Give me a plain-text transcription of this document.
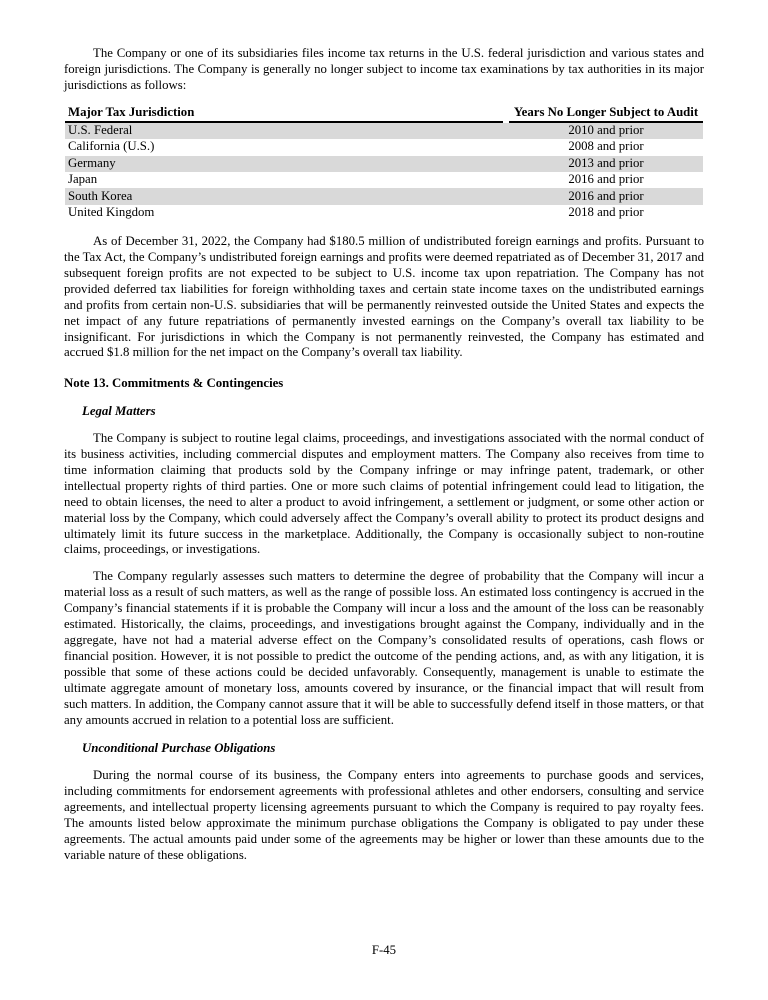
The Company or one of its subsidiaries files income tax returns in the U.S. federal jurisdiction and various states and foreign jurisdictions. The Company is generally no longer subject to income tax examinations by tax authorities in its major jurisdictions as follows:

Major Tax Jurisdiction	Years No Longer Subject to Audit
U.S. Federal	2010 and prior
California (U.S.)	2008 and prior
Germany	2013 and prior
Japan	2016 and prior
South Korea	2016 and prior
United Kingdom	2018 and prior

As of December 31, 2022, the Company had $180.5 million of undistributed foreign earnings and profits. Pursuant to the Tax Act, the Company’s undistributed foreign earnings and profits were deemed repatriated as of December 31, 2017 and subsequent foreign profits are not expected to be subject to U.S. income tax upon repatriation. The Company has not provided deferred tax liabilities for foreign withholding taxes and certain state income taxes on the undistributed earnings and profits from certain non-U.S. subsidiaries that will be permanently reinvested outside the United States and expects the net impact of any future repatriations of permanently invested earnings on the Company’s overall tax liability to be insignificant. For jurisdictions in which the Company is not permanently reinvested, the Company has estimated and accrued $1.8 million for the net impact on the Company’s overall tax liability.

Note 13. Commitments & Contingencies
Legal Matters

The Company is subject to routine legal claims, proceedings, and investigations associated with the normal conduct of its business activities, including commercial disputes and employment matters. The Company also receives from time to time information claiming that products sold by the Company infringe or may infringe patent, trademark, or other intellectual property rights of third parties. One or more such claims of potential infringement could lead to litigation, the need to obtain licenses, the need to alter a product to avoid infringement, a settlement or judgment, or some other action or material loss by the Company, which could adversely affect the Company’s overall ability to protect its product designs and ultimately limit its future success in the marketplace. Additionally, the Company is occasionally subject to non-routine claims, proceedings, or investigations.

The Company regularly assesses such matters to determine the degree of probability that the Company will incur a material loss as a result of such matters, as well as the range of possible loss. An estimated loss contingency is accrued in the Company’s financial statements if it is probable the Company will incur a loss and the amount of the loss can be reasonably estimated. Historically, the claims, proceedings, and investigations brought against the Company, individually and in the aggregate, have not had a material adverse effect on the Company’s consolidated results of operations, cash flows or financial position. However, it is not possible to predict the outcome of the pending actions, and, as with any litigation, it is possible that some of these actions could be decided unfavorably. Consequently, management is unable to estimate the ultimate aggregate amount of monetary loss, amounts covered by insurance, or the financial impact that will result from such matters. In addition, the Company cannot assure that it will be able to successfully defend itself in those matters, or that any amounts accrued in relation to a potential loss are sufficient.

Unconditional Purchase Obligations

During the normal course of its business, the Company enters into agreements to purchase goods and services, including commitments for endorsement agreements with professional athletes and other endorsers, consulting and service agreements, and intellectual property licensing agreements pursuant to which the Company is required to pay royalty fees. The amounts listed below approximate the minimum purchase obligations the Company is obligated to pay under these agreements. The actual amounts paid under some of the agreements may be higher or lower than these amounts due to the variable nature of these obligations.

F-45
